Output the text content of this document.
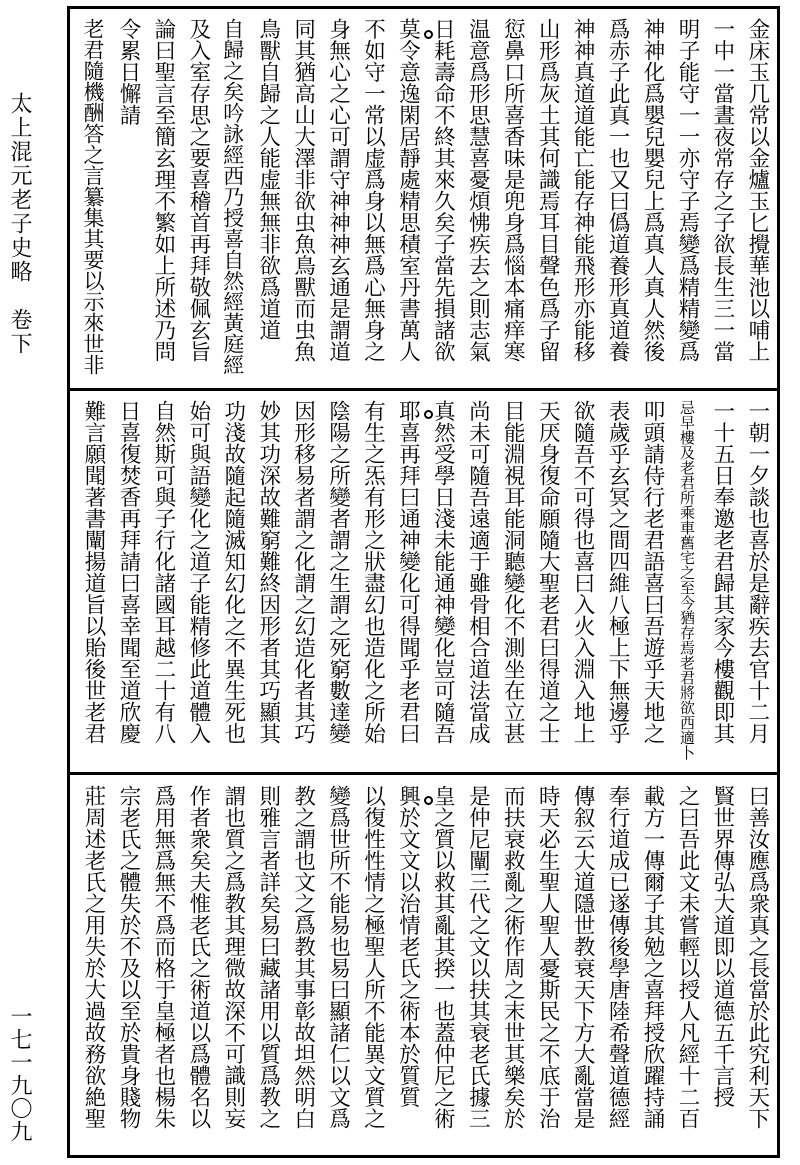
太上混元老子史略　卷下
一七一九〇九
金床玉几常以金爐玉匕攪華池以哺上
一中一當晝夜常存之子欲長生三一當
明子能守一一亦守子焉變爲精精變爲
神神化爲嬰兒嬰兒上爲真人真人然後
爲赤子此真一也又曰僞道養形真道養
神神真道道能亡能存神能飛形亦能移
山形爲灰土其何識焉耳目聲色爲子留
愆鼻口所喜香味是兜身爲惱本痛痒寒
温意爲形思慧喜憂煩怫疾去之則志氣
日耗壽命不終其來久矣子當先損諸欲
莫令意逸閑居靜處精思積室丹書萬人
不如守一常以虚爲身以無爲心無身之
身無心之心可謂守神神神玄通是謂道
同其猶高山大澤非欲虫魚鳥獸而虫魚
鳥獸自歸之人能虚無無非欲爲道道
自歸之矣吟詠經西乃授喜自然經黃庭經
及入室存思之要喜稽首再拜敬佩玄旨
論曰聖言至簡玄理不繁如上所述乃問
令累日懈請
老君隨機酬答之言纂集其要以示來世非
一朝一夕談也喜於是辭疾去官十二月
一十五日奉邀老君歸其家今樓觀即其
忌早樓及老君所乘車舊宅之至今猶存焉老君將欲西適卜
叩頭請侍行老君語喜曰吾遊乎天地之
表歲乎玄冥之間四維八極上下無邊乎
欲隨吾不可得也喜曰入火入淵入地上
天厌身復命願隨大聖老君曰得道之士
目能淵視耳能洞聽變化不測坐在立甚
尚未可隨吾遠適于雖骨相合道法當成
真然受學日淺未能通神變化豈可隨吾
耶喜再拜曰通神變化可得聞乎老君曰
有生之炁有形之狀盡幻也造化之所始
陰陽之所變者謂之生謂之死窮數達變
因形移易者謂之化謂之幻造化者其巧
妙其功深故難窮難終因形者其巧顯其
功淺故隨起隨滅知幻化之不異生死也
始可與語變化之道子能精修此道體入
自然斯可與子行化諸國耳越二十有八
日喜復焚香再拜請曰喜幸聞至道欣慶
難言願聞著書闡揚道旨以貽後世老君
曰善汝應爲衆真之長當於此究利天下
賢世界傳弘大道即以道德五千言授
之曰吾此文未嘗輕以授人凡經十二百
載方一傳爾子其勉之喜拜授欣躍持誦
奉行道成已遂傳後學唐陸希聲道德經
傳叙云大道隱世教衰天下方大亂當是
時天必生聖人聖人憂斯民之不底于治
而扶衰救亂之術作周之末世其樂矣於
是仲尼闡三代之文以扶其衰老氏據三
皇之質以救其亂其揆一也蓋仲尼之術
興於文文以治情老氏之術本於質質
以復性性情之極聖人所不能異文質之
變爲世所不能易也易曰顯諸仁以文爲
教之謂也文之爲教其事彰故坦然明白
則雅言者詳矣易曰藏諸用以質爲教之
謂也質之爲教其理微故深不可識則妄
作者衆矣夫惟老氏之術道以爲體名以
爲用無爲無不爲而格于皇極者也楊朱
宗老氏之體失於不及以至於貴身賤物
莊周述老氏之用失於大過故務欲絶聖
